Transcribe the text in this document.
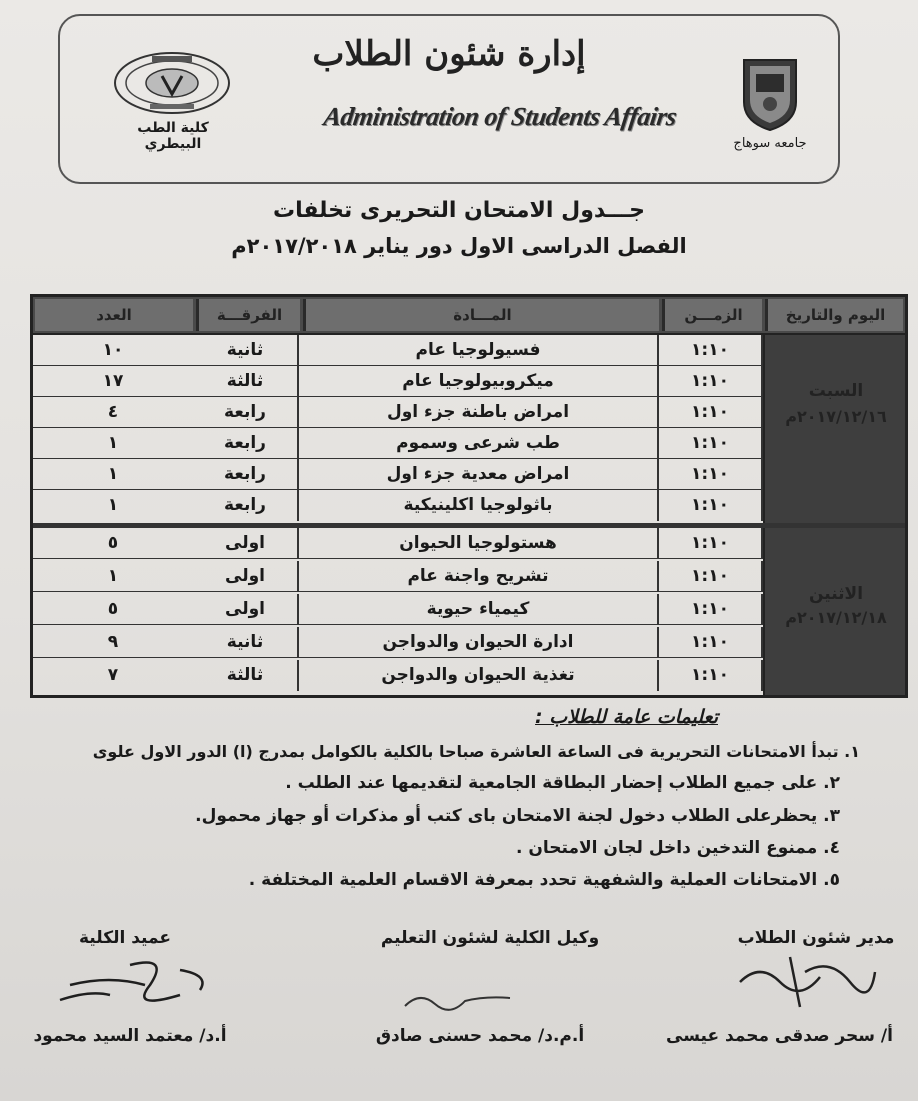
إدارة شئون الطلاب
Administration of Students Affairs
كلية الطب البيطري	جامعه سوهاج
جـــدول الامتحان التحريرى تخلفات
الفصل الدراسى الاول دور يناير ٢٠١٧/٢٠١٨م
العدد	الفرقـــة	المـــادة	الزمـــن	اليوم والتاريخ
السبت
٢٠١٧/١٢/١٦م
١٠	ثانية	فسيولوجيا عام	١:١٠
١٧	ثالثة	ميكروبيولوجيا عام	١:١٠
٤	رابعة	امراض باطنة جزء اول	١:١٠
١	رابعة	طب شرعى وسموم	١:١٠
١	رابعة	امراض معدية جزء اول	١:١٠
١	رابعة	باثولوجيا اكلينيكية	١:١٠
الاثنين
٢٠١٧/١٢/١٨م
٥	اولى	هستولوجيا الحيوان	١:١٠
١	اولى	تشريح واجنة عام	١:١٠
٥	اولى	كيمياء حيوية	١:١٠
٩	ثانية	ادارة الحيوان والدواجن	١:١٠
٧	ثالثة	تغذية الحيوان والدواجن	١:١٠
تعليمات عامة للطلاب :
١. تبدأ الامتحانات التحريرية فى الساعة العاشرة صباحا بالكلية بالكوامل بمدرج (ا) الدور الاول علوى
٢. على جميع الطلاب إحضار البطاقة الجامعية لتقديمها عند الطلب .
٣. يحظرعلى الطلاب دخول لجنة الامتحان باى كتب أو مذكرات أو جهاز محمول.
٤. ممنوع التدخين داخل لجان الامتحان .
٥. الامتحانات العملية والشفهية تحدد بمعرفة الاقسام العلمية المختلفة .
مدير شئون الطلاب
وكيل الكلية لشئون التعليم
عميد الكلية
أ/ سحر صدقى محمد عيسى
أ.م.د/ محمد حسنى صادق
أ.د/ معتمد السيد محمود
